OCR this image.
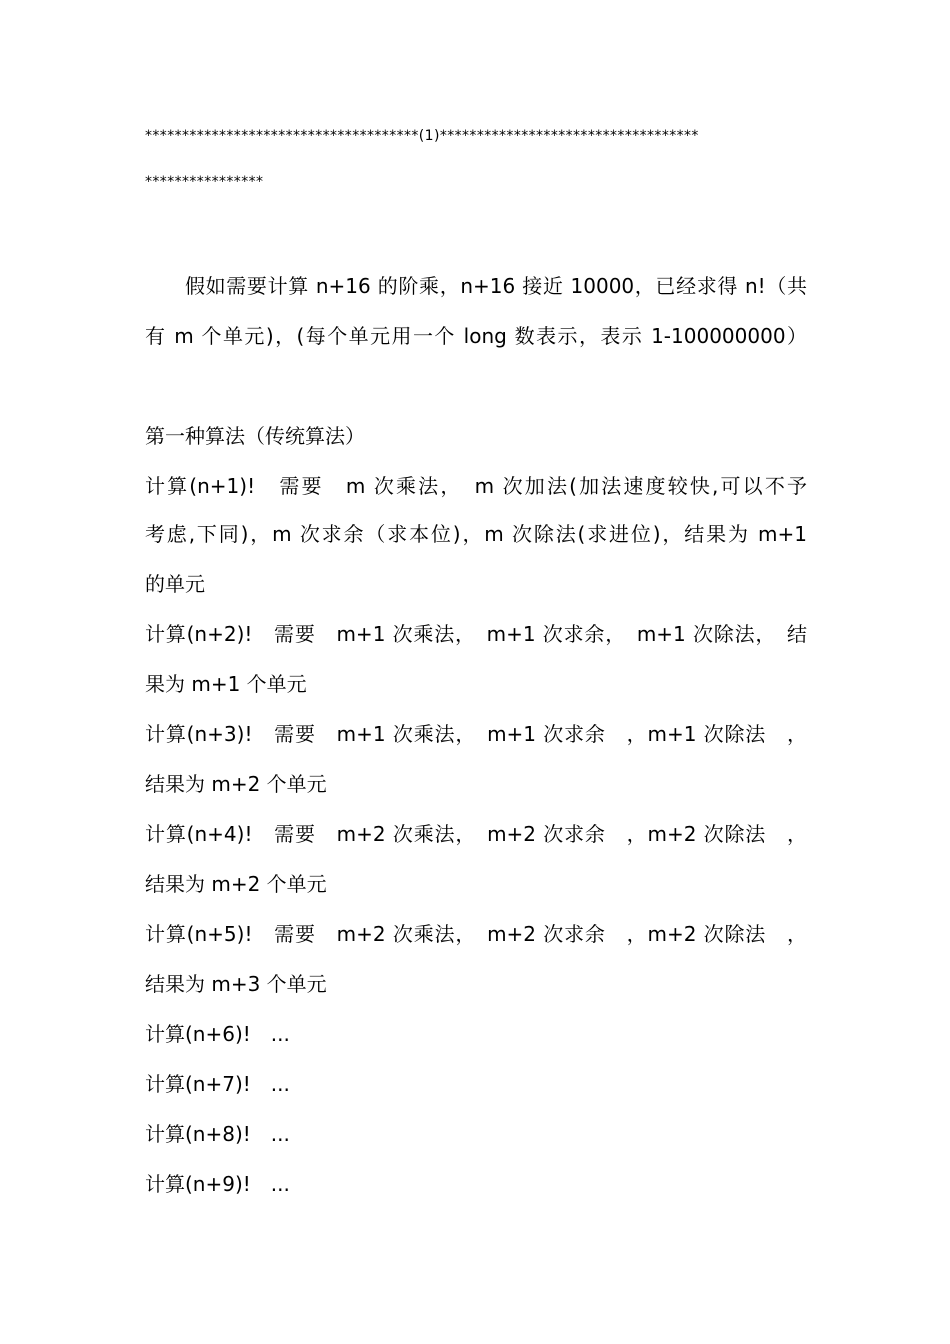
*************************************(1)***********************************
****************
假如需要计算 n+16 的阶乘，n+16 接近 10000，已经求得 n!（共
有 m 个单元)，(每个单元用一个 long 数表示，表示 1-100000000）
第一种算法（传统算法）
计算(n+1)!　需要　m 次乘法，　m 次加法(加法速度较快,可以不予
考虑,下同)，m 次求余（求本位)，m 次除法(求进位)，结果为 m+1
的单元
计算(n+2)!　需要　m+1 次乘法，　m+1 次求余，　m+1 次除法，　结
果为 m+1 个单元
计算(n+3)!　需要　m+1 次乘法，　m+1 次求余　，m+1 次除法　，
结果为 m+2 个单元
计算(n+4)!　需要　m+2 次乘法，　m+2 次求余　，m+2 次除法　，
结果为 m+2 个单元
计算(n+5)!　需要　m+2 次乘法，　m+2 次求余　，m+2 次除法　，
结果为 m+3 个单元
计算(n+6)!　...
计算(n+7)!　...
计算(n+8)!　...
计算(n+9)!　...
